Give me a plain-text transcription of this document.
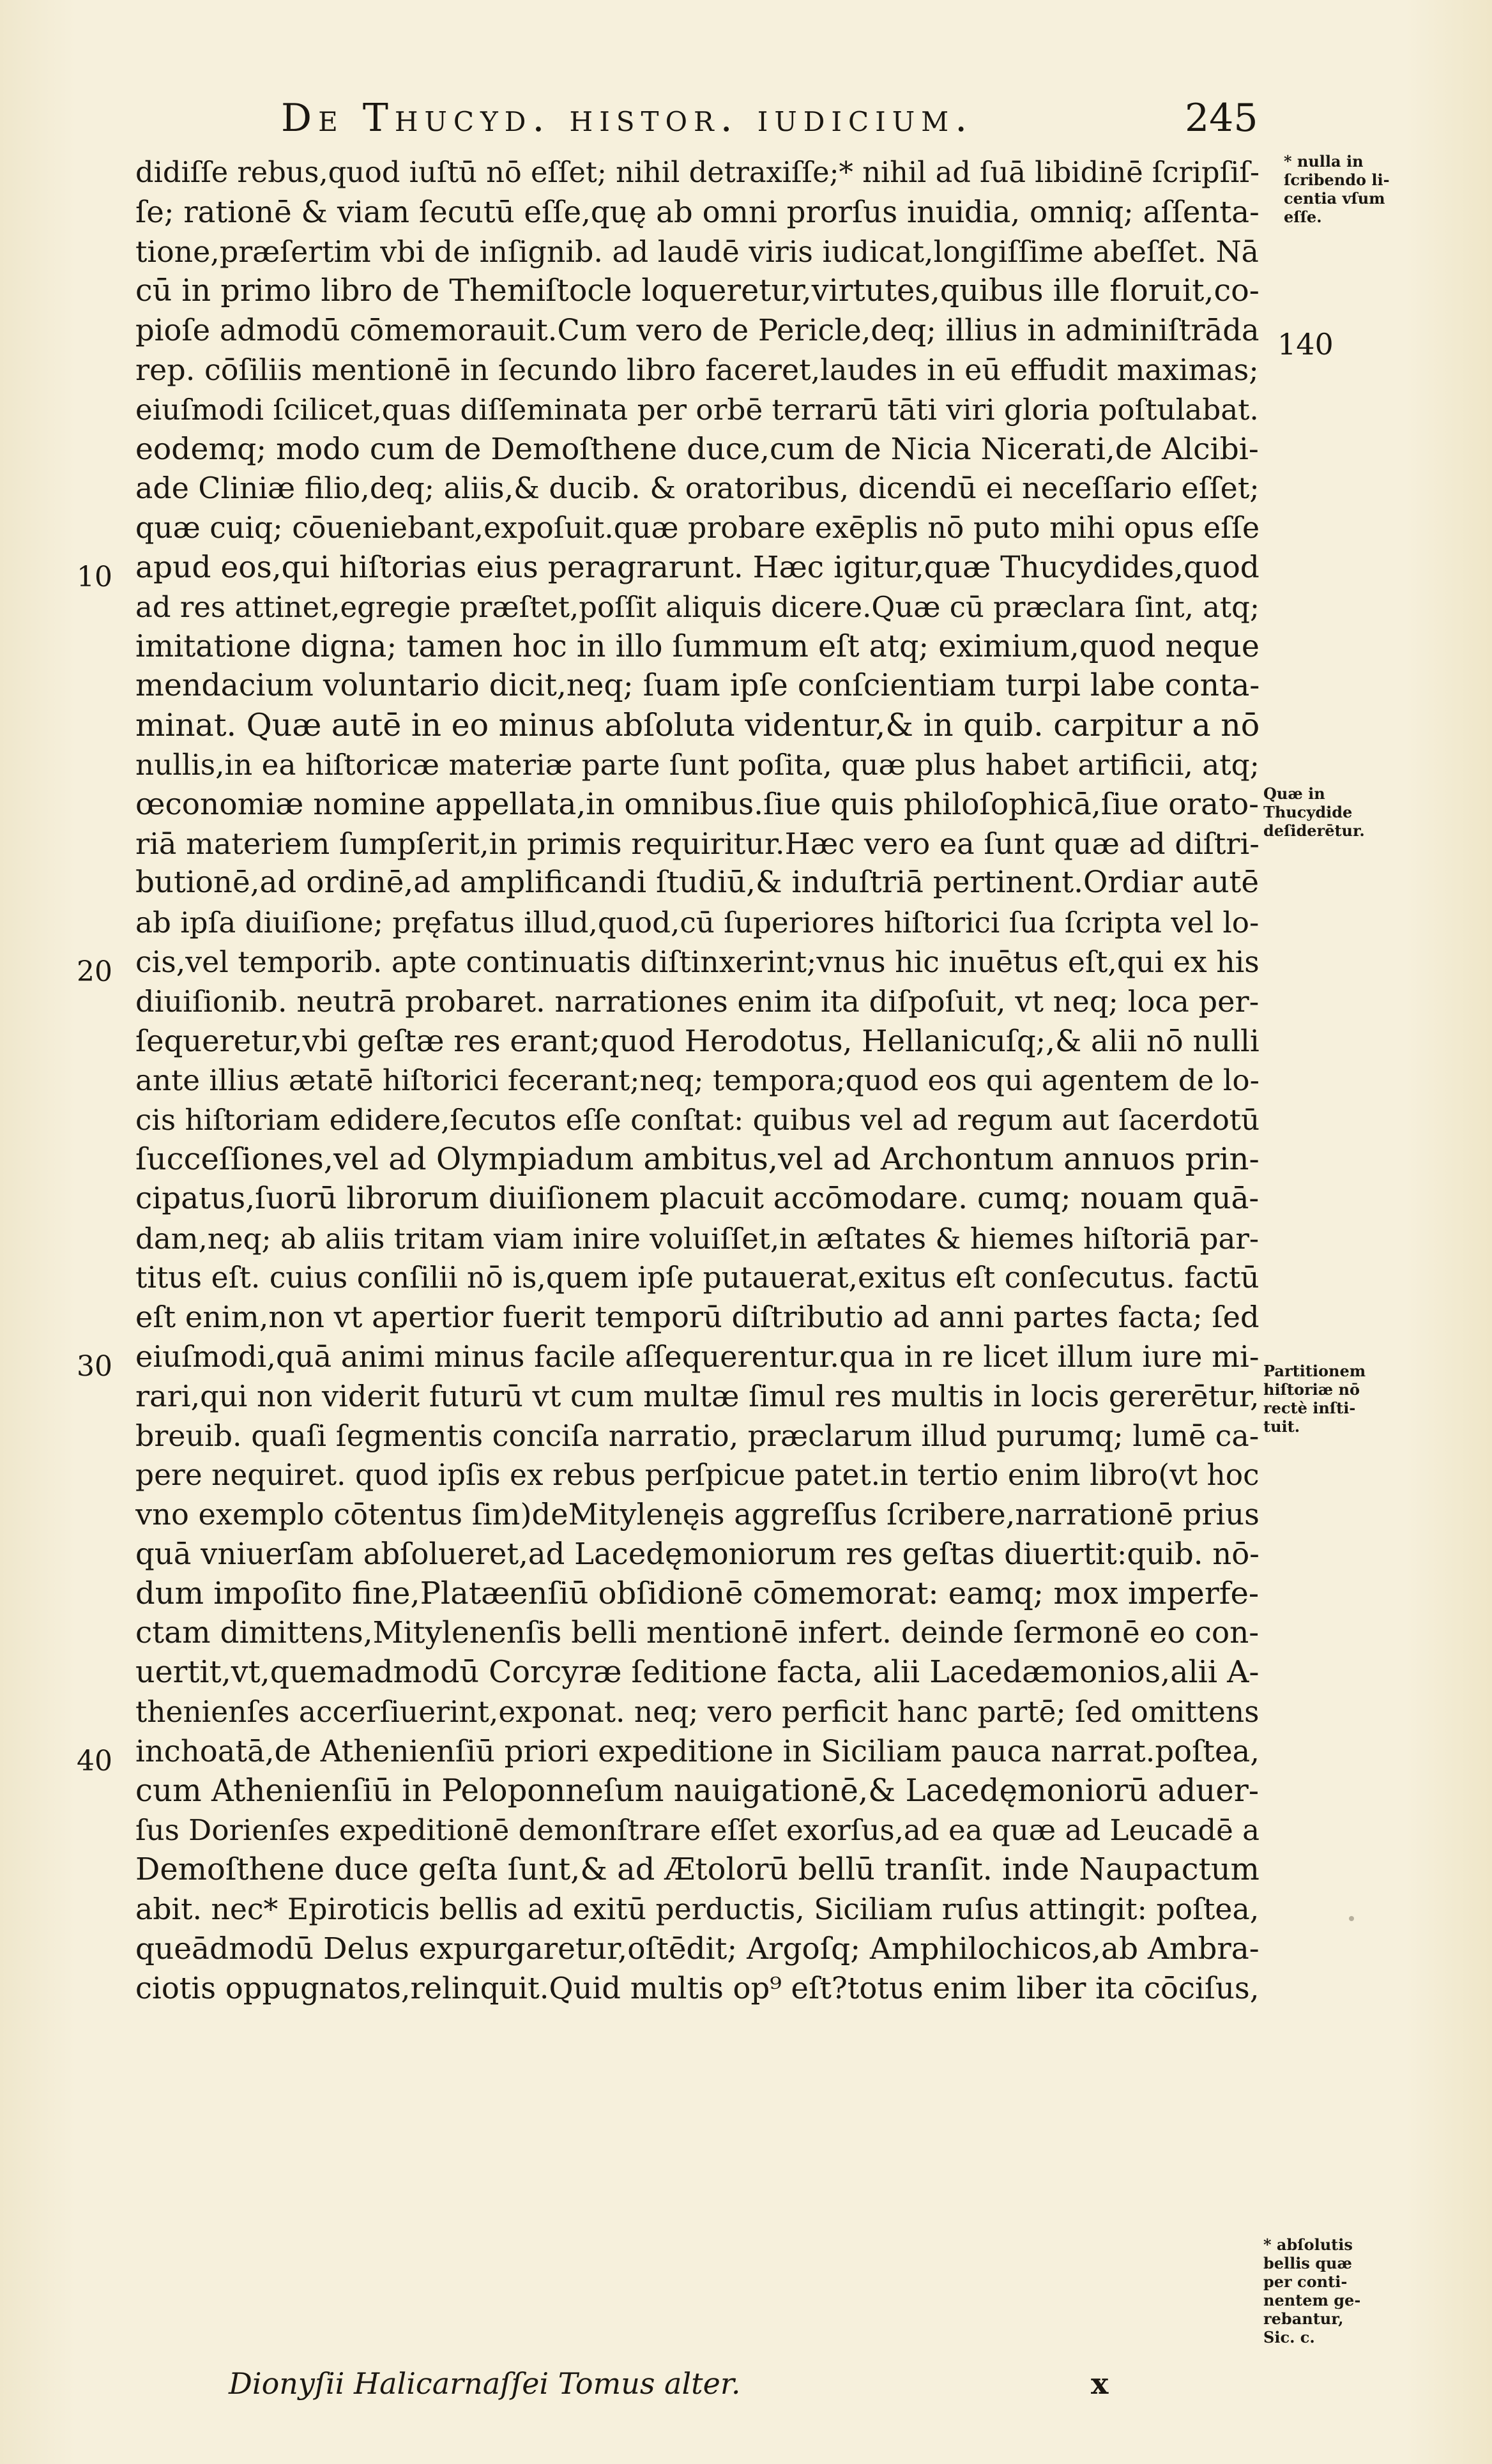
De Thucyd. histor. iudicium.	245
didiſſe rebus,quod iuſtū nō eſſet; nihil detraxiſſe;* nihil ad ſuā libidinē ſcripſiſ-
ſe; rationē & viam ſecutū eſſe,quę ab omni prorſus inuidia, omniq; aſſenta-
tione,præſertim vbi de inſignib. ad laudē viris iudicat,longiſſime abeſſet. Nā
cū in primo libro de Themiſtocle loqueretur,virtutes,quibus ille floruit,co-
pioſe admodū cōmemorauit.Cum vero de Pericle,deq; illius in adminiſtrāda
rep. cōſiliis mentionē in ſecundo libro faceret,laudes in eū effudit maximas;
eiuſmodi ſcilicet,quas diſſeminata per orbē terrarū tāti viri gloria poſtulabat.
eodemq; modo cum de Demoſthene duce,cum de Nicia Nicerati,de Alcibi-
ade Cliniæ filio,deq; aliis,& ducib. & oratoribus, dicendū ei neceſſario eſſet;
quæ cuiq; cōueniebant,expoſuit.quæ probare exēplis nō puto mihi opus eſſe
apud eos,qui hiſtorias eius peragrarunt. Hæc igitur,quæ Thucydides,quod
ad res attinet,egregie præſtet,poſſit aliquis dicere.Quæ cū præclara ſint, atq;
imitatione digna; tamen hoc in illo ſummum eſt atq; eximium,quod neque
mendacium voluntario dicit,neq; ſuam ipſe conſcientiam turpi labe conta-
minat. Quæ autē in eo minus abſoluta videntur,& in quib. carpitur a nō
nullis,in ea hiſtoricæ materiæ parte ſunt poſita, quæ plus habet artificii, atq;
œconomiæ nomine appellata,in omnibus.ſiue quis philoſophicā,ſiue orato-
riā materiem ſumpſerit,in primis requiritur.Hæc vero ea ſunt quæ ad diſtri-
butionē,ad ordinē,ad amplificandi ſtudiū,& induſtriā pertinent.Ordiar autē
ab ipſa diuiſione; pręfatus illud,quod,cū ſuperiores hiſtorici ſua ſcripta vel lo-
cis,vel temporib. apte continuatis diſtinxerint;vnus hic inuētus eſt,qui ex his
diuiſionib. neutrā probaret. narrationes enim ita diſpoſuit, vt neq; loca per-
ſequeretur,vbi geſtæ res erant;quod Herodotus, Hellanicuſq;,& alii nō nulli
ante illius ætatē hiſtorici fecerant;neq; tempora;quod eos qui agentem de lo-
cis hiſtoriam edidere,ſecutos eſſe conſtat: quibus vel ad regum aut ſacerdotū
ſucceſſiones,vel ad Olympiadum ambitus,vel ad Archontum annuos prin-
cipatus,ſuorū librorum diuiſionem placuit accōmodare. cumq; nouam quā-
dam,neq; ab aliis tritam viam inire voluiſſet,in æſtates & hiemes hiſtoriā par-
titus eſt. cuius conſilii nō is,quem ipſe putauerat,exitus eſt conſecutus. factū
eſt enim,non vt apertior fuerit temporū diſtributio ad anni partes facta; ſed
eiuſmodi,quā animi minus facile aſſequerentur.qua in re licet illum iure mi-
rari,qui non viderit futurū vt cum multæ ſimul res multis in locis gererētur,
breuib. quaſi ſegmentis conciſa narratio, præclarum illud purumq; lumē ca-
pere nequiret. quod ipſis ex rebus perſpicue patet.in tertio enim libro(vt hoc
vno exemplo cōtentus ſim)deMitylenęis aggreſſus ſcribere,narrationē prius
quā vniuerſam abſolueret,ad Lacedęmoniorum res geſtas diuertit:quib. nō-
dum impoſito fine,Platæenſiū obſidionē cōmemorat: eamq; mox imperfe-
ctam dimittens,Mitylenenſis belli mentionē infert. deinde ſermonē eo con-
uertit,vt,quemadmodū Corcyræ ſeditione facta, alii Lacedæmonios,alii A-
thenienſes accerſiuerint,exponat. neq; vero perficit hanc partē; ſed omittens
inchoatā,de Athenienſiū priori expeditione in Siciliam pauca narrat.poſtea,
cum Athenienſiū in Peloponneſum nauigationē,& Lacedęmoniorū aduer-
ſus Dorienſes expeditionē demonſtrare eſſet exorſus,ad ea quæ ad Leucadē a
Demoſthene duce geſta ſunt,& ad Ætolorū bellū tranſit. inde Naupactum
abit. nec* Epiroticis bellis ad exitū perductis, Siciliam ruſus attingit: poſtea,
queādmodū Delus expurgaretur,oſtēdit; Argoſq; Amphilochicos,ab Ambra-
ciotis oppugnatos,relinquit.Quid multis op⁹ eſt?totus enim liber ita cōciſus,
10
20
30
40
140
* nulla in
ſcribendo li-
centia vſum
eſſe.
Quæ in
Thucydide
deſiderētur.
Partitionem
hiſtoriæ nō
rectè inſti-
tuit.
* abſolutis
bellis quæ
per conti-
nentem ge-
rebantur,
Sic. c.
Dionyſii Halicarnaſſei Tomus alter.	x
